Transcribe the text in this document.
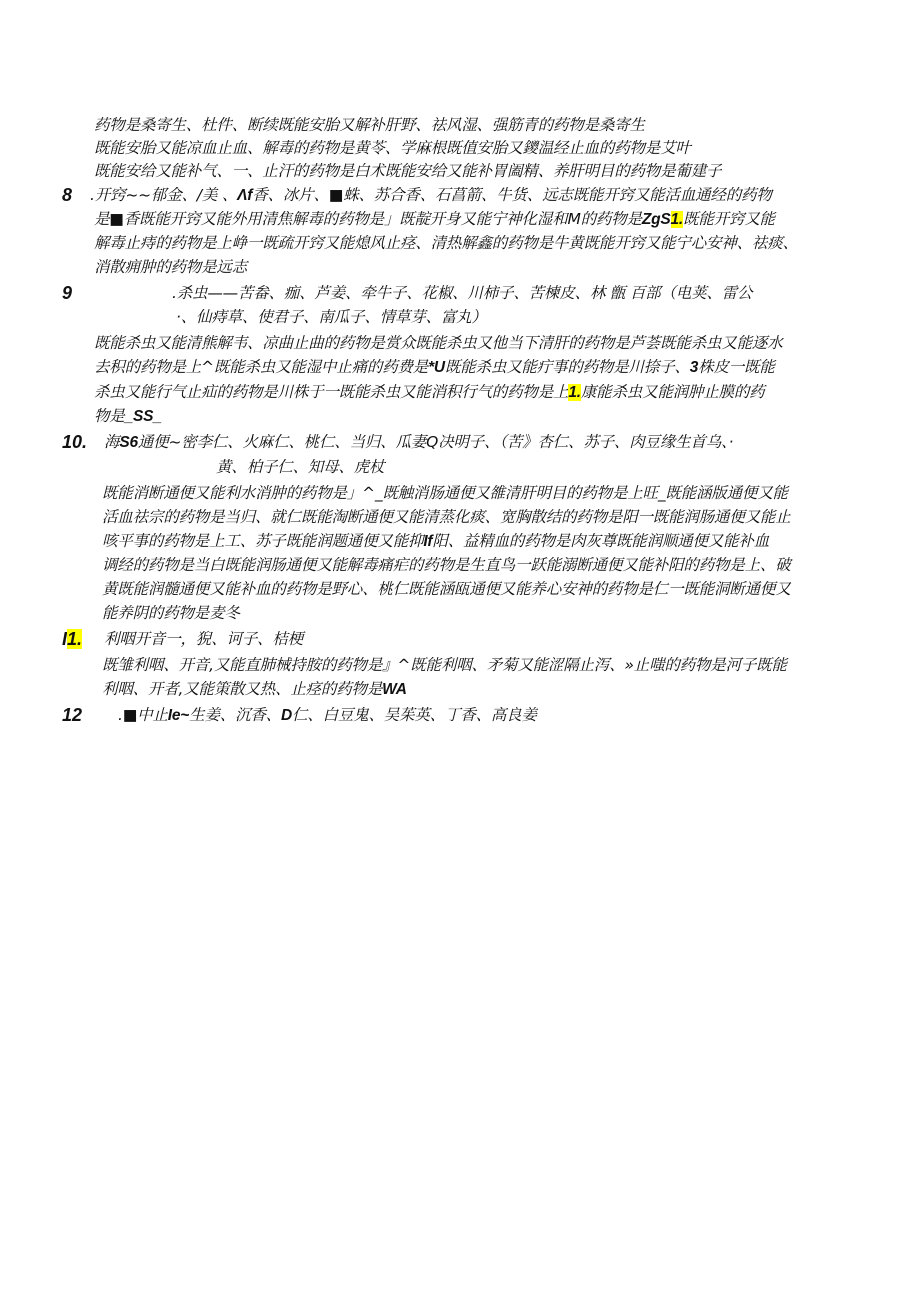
药物是桑寄生、杜件、断续既能安胎又解补肝野、祛风湿、强筋青的药物是桑寄生
既能安胎又能凉血止血、解毒的药物是黄苓、学麻根既值安胎又鑁温经止血的药物是艾叶
既能安给又能补气、一、止汗的药物是白术既能安给又能补胃阖精、养肝明目的药物是葡建子
8 .开窍~~郁金、/美 、Λf香、冰片、■蛛、苏合香、石菖箭、牛货、远志既能开窍又能活血通经的药物
是■香既能开窍又能外用清焦解毒的药物是」既靛开身又能宁神化湿和M的药物是ZgS1.既能开窍又能
解毒止痔的药物是上峥一既疏开窍又能熄风止痉、清热解鑫的药物是牛黄既能开窍又能宁心安神、祛痰、
消散痈肿的药物是远志
9	.杀虫——苦畚、痂、芦姜、牵牛子、花椒、川柿子、苦楝皮、林 甑 百部（电荚、雷公
·、仙痔草、使君子、南瓜子、情草芽、富丸）
既能杀虫又能清熊解韦、凉曲止曲的药物是赏众既能杀虫又他当下清肝的药物是芦荟既能杀虫又能逐水
去积的药物是上^既能杀虫又能湿中止痛的药费是*U既能杀虫又能疔事的药物是川捺子、3株皮一既能
杀虫又能行气止疝的药物是川株于一既能杀虫又能消积行气的药物是上1.康能杀虫又能润肿止膜的药
物是_SS_
10. 海S6通便~密李仁、火麻仁、桃仁、当归、瓜妻Q决明子、（苦》杏仁、苏子、肉豆缘生首乌、·
黄、柏子仁、知母、虎杖
既能消断通便又能利水消肿的药物是」^_既触消肠通便又雒清肝明目的药物是上旺_既能涵版通便又能
活血祛宗的药物是当归、就仁既能淘断通便又能清蒸化痰、宽胸散结的药物是阳一既能润肠通便又能止
咳平事的药物是上工、苏子既能润题通便又能抑If阳、益精血的药物是肉灰尊既能润顺通便又能补血
调经的药物是当白既能润肠通便又能解毒痛疟的药物是生直鸟一跃能溺断通便又能补阳的药物是上、破
黄既能润髓通便又能补血的药物是野心、桃仁既能涵瓯通便又能养心安神的药物是仁一既能洞断通便又
能养阴的药物是麦冬
I1. 利咽开音一，猊、诃子、桔梗
既雏利咽、开音,又能直肺械持胺的药物是』^既能利咽、矛菊又能涩隔止泻、»止嗤的药物是河子既能
利咽、开者,又能策散又热、止痉的药物是WA
12 .■中止Ie~生姜、沉香、D仁、白豆鬼、吴茱英、丁香、高良姜
